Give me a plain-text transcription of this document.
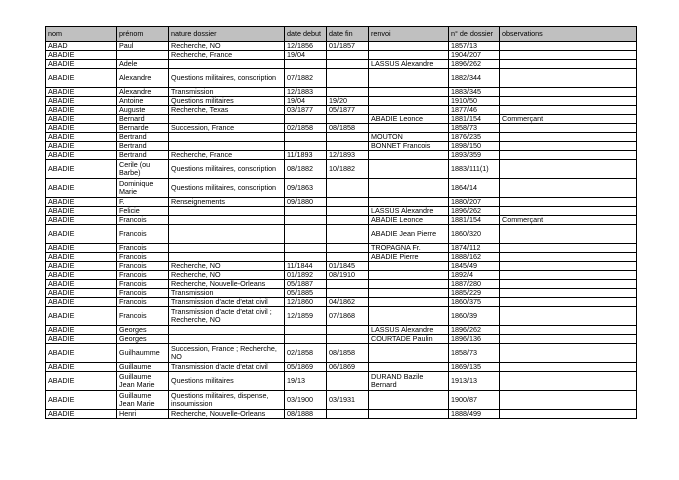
nom	prénom	nature dossier	date debut	date fin	renvoi	n° de dossier	observations
ABAD	Paul	Recherche, NO	12/1856	01/1857		1857/13	
ABADIE		Recherche, France	19/04			1904/207	
ABADIE	Adele				LASSUS Alexandre	1896/262	
ABADIE	Alexandre	Questions militaires, conscription	07/1882			1882/344	
ABADIE	Alexandre	Transmission	12/1883			1883/345	
ABADIE	Antoine	Questions militaires	19/04	19/20		1910/50	
ABADIE	Auguste	Recherche, Texas	03/1877	05/1877		1877/46	
ABADIE	Bernard				ABADIE Leonce	1881/154	Commerçant
ABADIE	Bernarde	Succession, France	02/1858	08/1858		1858/73	
ABADIE	Bertrand				MOUTON	1876/235	
ABADIE	Bertrand				BONNET Francois	1898/150	
ABADIE	Bertrand	Recherche, France	11/1893	12/1893		1893/359	
ABADIE	Cerile (ou Barbe)	Questions militaires, conscription	08/1882	10/1882		1883/111(1)	
ABADIE	Dominique Marie	Questions militaires, conscription	09/1863			1864/14	
ABADIE	F.	Renseignements	09/1880			1880/207	
ABADIE	Felicie				LASSUS Alexandre	1896/262	
ABADIE	Francois				ABADIE Leonce	1881/154	Commerçant
ABADIE	Francois				ABADIE Jean Pierre	1860/320	
ABADIE	Francois				TROPAGNA Fr.	1874/112	
ABADIE	Francois				ABADIE Pierre	1888/162	
ABADIE	Francois	Recherche, NO	11/1844	01/1845		1845/49	
ABADIE	Francois	Recherche, NO	01/1892	08/1910		1892/4	
ABADIE	Francois	Recherche, Nouvelle-Orleans	05/1887			1887/280	
ABADIE	Francois	Transmission	05/1885			1885/229	
ABADIE	Francois	Transmission d'acte d'etat civil	12/1860	04/1862		1860/375	
ABADIE	Francois	Transmission d'acte d'etat civil ; Recherche, NO	12/1859	07/1868		1860/39	
ABADIE	Georges				LASSUS Alexandre	1896/262	
ABADIE	Georges				COURTADE Paulin	1896/136	
ABADIE	Guilhaumme	Succession, France ; Recherche, NO	02/1858	08/1858		1858/73	
ABADIE	Guillaume	Transmission d'acte d'etat civil	05/1869	06/1869		1869/135	
ABADIE	Guillaume Jean Marie	Questions militaires	19/13		DURAND Bazile Bernard	1913/13	
ABADIE	Guillaume Jean Marie	Questions militaires, dispense, insoumission	03/1900	03/1931		1900/87	
ABADIE	Henri	Recherche, Nouvelle-Orleans	08/1888			1888/499	
